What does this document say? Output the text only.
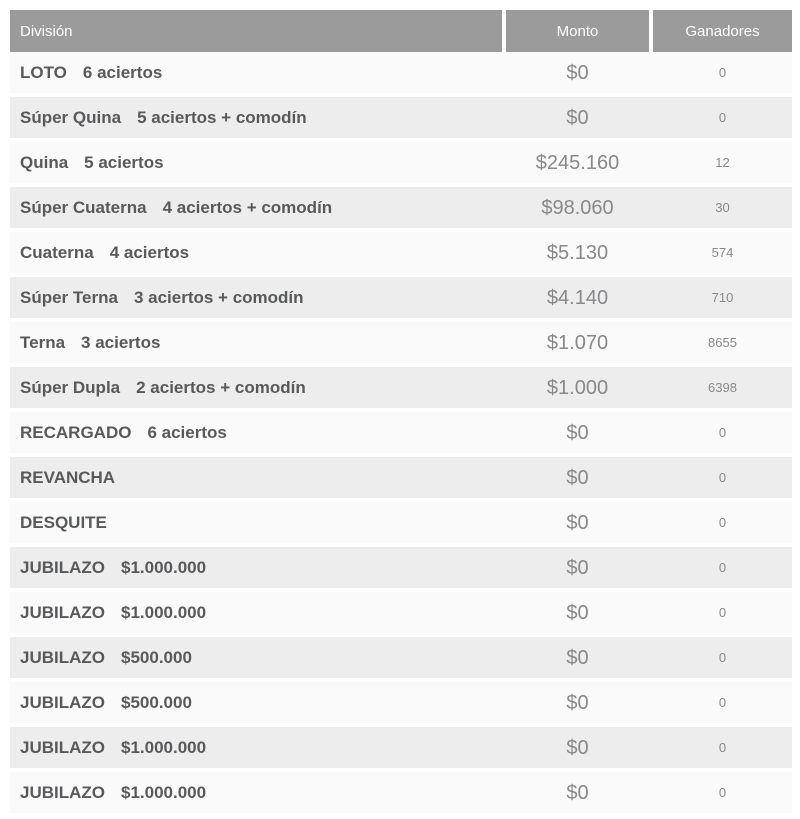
División	Monto	Ganadores
LOTO 6 aciertos	$0	0
Súper Quina 5 aciertos + comodín	$0	0
Quina 5 aciertos	$245.160	12
Súper Cuaterna 4 aciertos + comodín	$98.060	30
Cuaterna 4 aciertos	$5.130	574
Súper Terna 3 aciertos + comodín	$4.140	710
Terna 3 aciertos	$1.070	8655
Súper Dupla 2 aciertos + comodín	$1.000	6398
RECARGADO 6 aciertos	$0	0
REVANCHA	$0	0
DESQUITE	$0	0
JUBILAZO $1.000.000	$0	0
JUBILAZO $1.000.000	$0	0
JUBILAZO $500.000	$0	0
JUBILAZO $500.000	$0	0
JUBILAZO $1.000.000	$0	0
JUBILAZO $1.000.000	$0	0
